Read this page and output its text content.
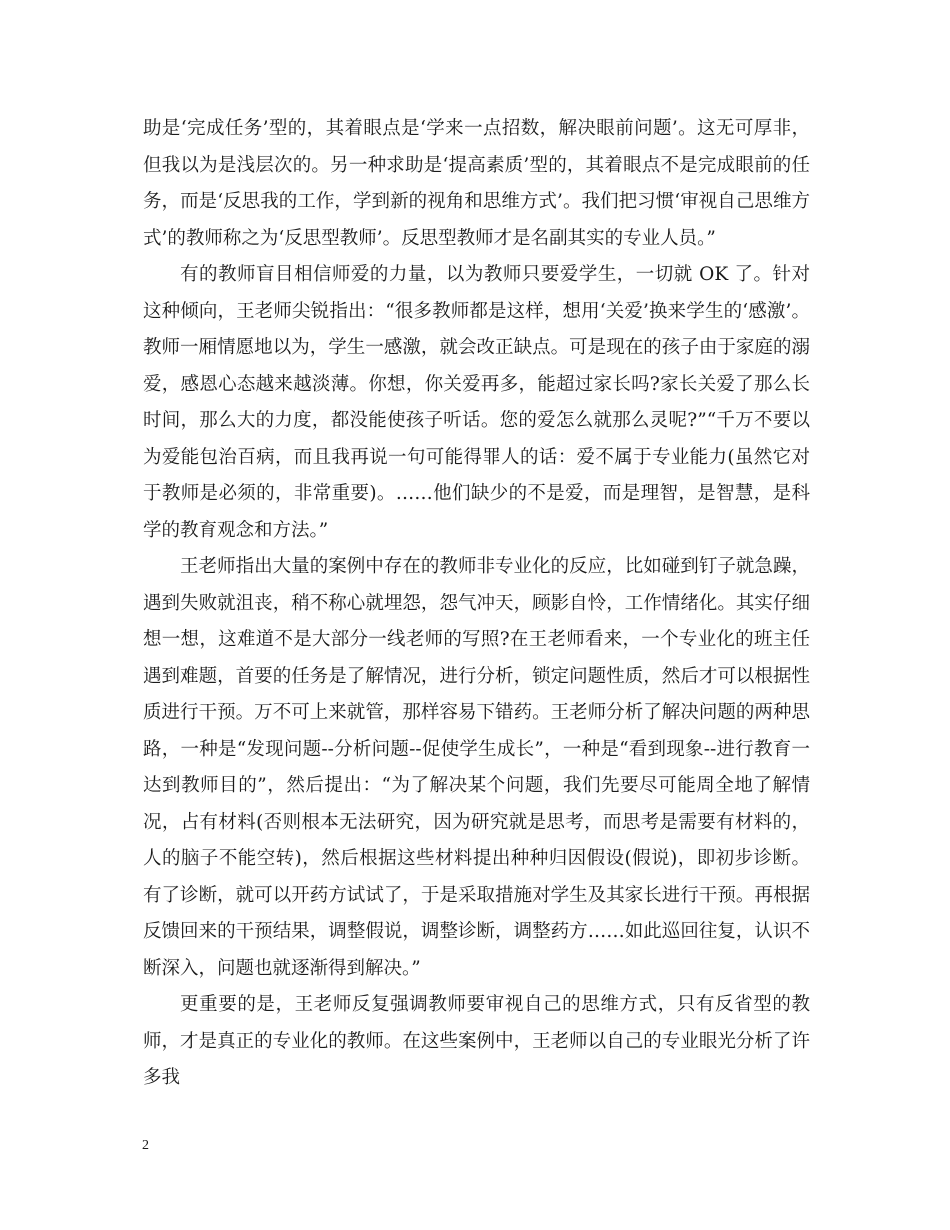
助是‘完成任务’型的，其着眼点是‘学来一点招数，解决眼前问题’。这无可厚非，但我以为是浅层次的。另一种求助是‘提高素质’型的，其着眼点不是完成眼前的任务，而是‘反思我的工作，学到新的视角和思维方式’。我们把习惯‘审视自己思维方式’的教师称之为‘反思型教师’。反思型教师才是名副其实的专业人员。”

有的教师盲目相信师爱的力量，以为教师只要爱学生，一切就 OK 了。针对这种倾向，王老师尖锐指出：“很多教师都是这样，想用‘关爱’换来学生的‘感激’。教师一厢情愿地以为，学生一感激，就会改正缺点。可是现在的孩子由于家庭的溺爱，感恩心态越来越淡薄。你想，你关爱再多，能超过家长吗?家长关爱了那么长时间，那么大的力度，都没能使孩子听话。您的爱怎么就那么灵呢?”“千万不要以为爱能包治百病，而且我再说一句可能得罪人的话：爱不属于专业能力(虽然它对于教师是必须的，非常重要)。……他们缺少的不是爱，而是理智，是智慧，是科学的教育观念和方法。”

王老师指出大量的案例中存在的教师非专业化的反应，比如碰到钉子就急躁，遇到失败就沮丧，稍不称心就埋怨，怨气冲天，顾影自怜，工作情绪化。其实仔细想一想，这难道不是大部分一线老师的写照?在王老师看来，一个专业化的班主任遇到难题，首要的任务是了解情况，进行分析，锁定问题性质，然后才可以根据性质进行干预。万不可上来就管，那样容易下错药。王老师分析了解决问题的两种思路，一种是“发现问题--分析问题--促使学生成长”，一种是“看到现象--进行教育一达到教师目的”，然后提出：“为了解决某个问题，我们先要尽可能周全地了解情况，占有材料(否则根本无法研究，因为研究就是思考，而思考是需要有材料的，人的脑子不能空转)，然后根据这些材料提出种种归因假设(假说)，即初步诊断。有了诊断，就可以开药方试试了，于是采取措施对学生及其家长进行干预。再根据反馈回来的干预结果，调整假说，调整诊断，调整药方……如此巡回往复，认识不断深入，问题也就逐渐得到解决。”

更重要的是，王老师反复强调教师要审视自己的思维方式，只有反省型的教师，才是真正的专业化的教师。在这些案例中，王老师以自己的专业眼光分析了许多我

2
